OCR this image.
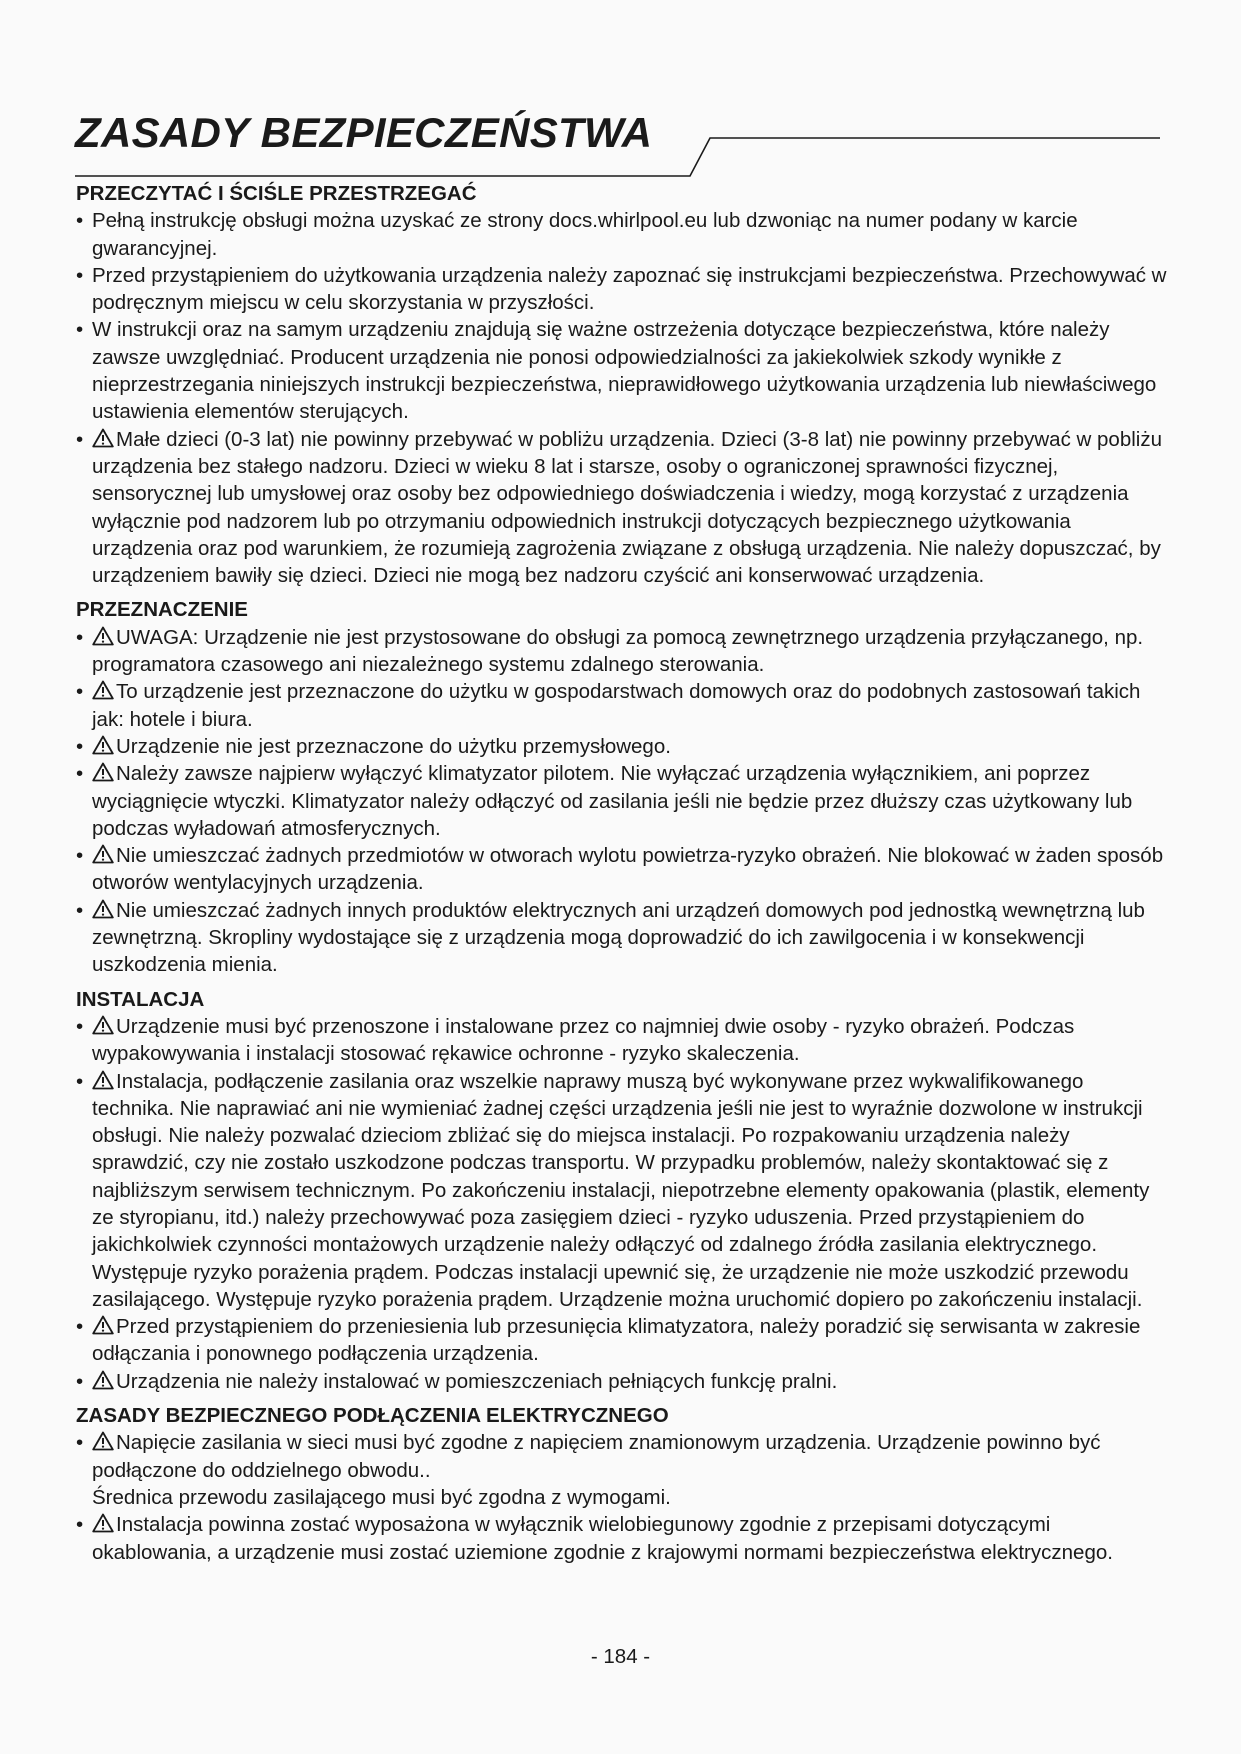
ZASADY BEZPIECZEŃSTWA
PRZECZYTAĆ I ŚCIŚLE PRZESTRZEGAĆ
• Pełną instrukcję obsługi można uzyskać ze strony docs.whirlpool.eu lub dzwoniąc na numer podany w karcie gwarancyjnej.
• Przed przystąpieniem do użytkowania urządzenia należy zapoznać się instrukcjami bezpieczeństwa. Przechowywać w podręcznym miejscu w celu skorzystania w przyszłości.
• W instrukcji oraz na samym urządzeniu znajdują się ważne ostrzeżenia dotyczące bezpieczeństwa, które należy zawsze uwzględniać. Producent urządzenia nie ponosi odpowiedzialności za jakiekolwiek szkody wynikłe z nieprzestrzegania niniejszych instrukcji bezpieczeństwa, nieprawidłowego użytkowania urządzenia lub niewłaściwego ustawienia elementów sterujących.
• Małe dzieci (0-3 lat) nie powinny przebywać w pobliżu urządzenia. Dzieci (3-8 lat) nie powinny przebywać w pobliżu urządzenia bez stałego nadzoru. Dzieci w wieku 8 lat i starsze, osoby o ograniczonej sprawności fizycznej, sensorycznej lub umysłowej oraz osoby bez odpowiedniego doświadczenia i wiedzy, mogą korzystać z urządzenia wyłącznie pod nadzorem lub po otrzymaniu odpowiednich instrukcji dotyczących bezpiecznego użytkowania urządzenia oraz pod warunkiem, że rozumieją zagrożenia związane z obsługą urządzenia. Nie należy dopuszczać, by urządzeniem bawiły się dzieci. Dzieci nie mogą bez nadzoru czyścić ani konserwować urządzenia.
PRZEZNACZENIE
• UWAGA: Urządzenie nie jest przystosowane do obsługi za pomocą zewnętrznego urządzenia przyłączanego, np. programatora czasowego ani niezależnego systemu zdalnego sterowania.
• To urządzenie jest przeznaczone do użytku w gospodarstwach domowych oraz do podobnych zastosowań takich jak: hotele i biura.
• Urządzenie nie jest przeznaczone do użytku przemysłowego.
• Należy zawsze najpierw wyłączyć klimatyzator pilotem. Nie wyłączać urządzenia wyłącznikiem, ani poprzez wyciągnięcie wtyczki. Klimatyzator należy odłączyć od zasilania jeśli nie będzie przez dłuższy czas użytkowany lub podczas wyładowań atmosferycznych.
• Nie umieszczać żadnych przedmiotów w otworach wylotu powietrza-ryzyko obrażeń. Nie blokować w żaden sposób otworów wentylacyjnych urządzenia.
• Nie umieszczać żadnych innych produktów elektrycznych ani urządzeń domowych pod jednostką wewnętrzną lub zewnętrzną. Skropliny wydostające się z urządzenia mogą doprowadzić do ich zawilgocenia i w konsekwencji uszkodzenia mienia.
INSTALACJA
• Urządzenie musi być przenoszone i instalowane przez co najmniej dwie osoby - ryzyko obrażeń. Podczas wypakowywania i instalacji stosować rękawice ochronne - ryzyko skaleczenia.
• Instalacja, podłączenie zasilania oraz wszelkie naprawy muszą być wykonywane przez wykwalifikowanego technika. Nie naprawiać ani nie wymieniać żadnej części urządzenia jeśli nie jest to wyraźnie dozwolone w instrukcji obsługi. Nie należy pozwalać dzieciom zbliżać się do miejsca instalacji. Po rozpakowaniu urządzenia należy sprawdzić, czy nie zostało uszkodzone podczas transportu. W przypadku problemów, należy skontaktować się z najbliższym serwisem technicznym. Po zakończeniu instalacji, niepotrzebne elementy opakowania (plastik, elementy ze styropianu, itd.) należy przechowywać poza zasięgiem dzieci - ryzyko uduszenia. Przed przystąpieniem do jakichkolwiek czynności montażowych urządzenie należy odłączyć od zdalnego źródła zasilania elektrycznego. Występuje ryzyko porażenia prądem. Podczas instalacji upewnić się, że urządzenie nie może uszkodzić przewodu zasilającego. Występuje ryzyko porażenia prądem. Urządzenie można uruchomić dopiero po zakończeniu instalacji.
• Przed przystąpieniem do przeniesienia lub przesunięcia klimatyzatora, należy poradzić się serwisanta w zakresie odłączania i ponownego podłączenia urządzenia.
• Urządzenia nie należy instalować w pomieszczeniach pełniących funkcję pralni.
ZASADY BEZPIECZNEGO PODŁĄCZENIA ELEKTRYCZNEGO
• Napięcie zasilania w sieci musi być zgodne z napięciem znamionowym urządzenia. Urządzenie powinno być podłączone do oddzielnego obwodu..
Średnica przewodu zasilającego musi być zgodna z wymogami.
• Instalacja powinna zostać wyposażona w wyłącznik wielobiegunowy zgodnie z przepisami dotyczącymi okablowania, a urządzenie musi zostać uziemione zgodnie z krajowymi normami bezpieczeństwa elektrycznego.
- 184 -
